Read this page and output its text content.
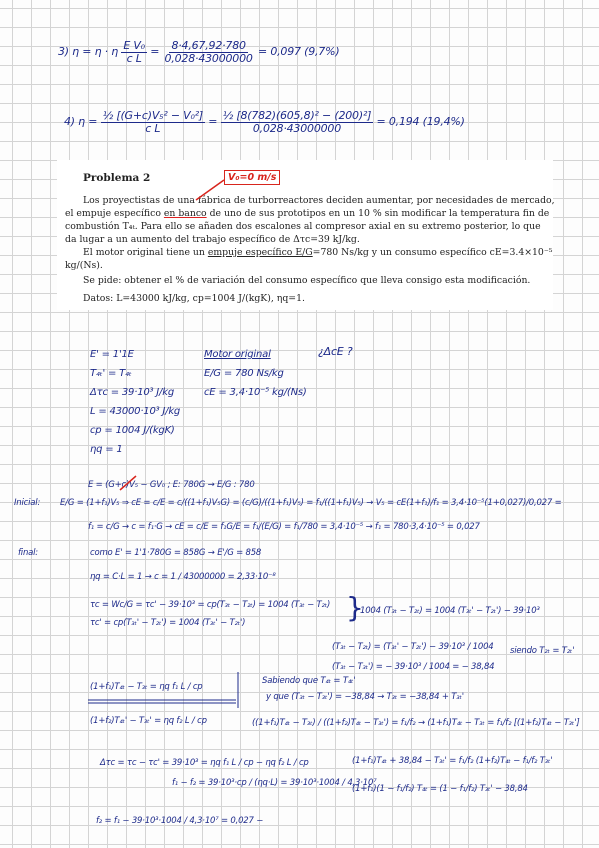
3) η = η · η $\frac{\text{E V₀}}{\text{c L}} = \frac{8\cdot 4,67,92\cdot 780}{0,028\cdot 43000000} = 0,097$ (9,7%)
4) $\eta = \frac{\text{½ [(G+c)V₅² − V₀²]}}{\text{c L}} = \frac{\text{½ [8(782)(605,8)² − (200)²]}}{0,028\cdot 43000000} = 0,194$ (19,4%)
Problema 2
Los proyectistas de una fábrica de turborreactores deciden aumentar, por necesidades de mercado,
el empuje específico en banco de uno de sus prototipos en un 10 % sin modificar la temperatura fin de
combustión T₄ₜ. Para ello se añaden dos escalones al compresor axial en su extremo posterior, lo que
da lugar a un aumento del trabajo específico de Δτc=39 kJ/kg.
El motor original tiene un empuje específico E/G=780 Ns/kg y un consumo específico cE=3.4×10⁻⁵
kg/(Ns).
Se pide: obtener el % de variación del consumo específico que lleva consigo esta modificación.
Datos: L=43000 kJ/kg, cp=1004 J/(kgK), ηq=1.
V₀=0 m/s
E' = 1'1E
T₄ₜ' = T₄ₜ
Δτc = 39·10³ J/kg
L = 43000·10³ J/kg
cp = 1004 J/(kgK)
ηq = 1
Motor original
E/G = 780 Ns/kg
cE = 3,4·10⁻⁵ kg/(Ns)
¿ΔcE ?
E = (G+c)V₅ − GV₀ ; E: 780G → E/G : 780
Inicial: E/G = (1+f₁)V₅ ⇒ cE = c/E = c/((1+f₁)V₅G) = (c/G)/((1+f₁)V₅) = f₁/((1+f₁)V₅) → V₅ = cE(1+f₁)/f₁ = 3,4·10⁻⁵(1+0,027)/0,027 =
f₁ = c/G → c = f₁·G → cE = c/E = f₁G/E = f₁/(E/G) = f₁/780 = 3,4·10⁻⁵ → f₁ = 780·3,4·10⁻⁵ = 0,027
final:	como E' = 1'1·780G = 858G → E'/G = 858
ηq = C·L = 1 → c = 1 / 43000000 = 2,33·10⁻⁸
τc = Wc/G = τc' − 39·10³ = cp(T₃ₜ − T₂ₜ) = 1004 (T₃ₜ − T₂ₜ)
τc' = cp(T₃ₜ' − T₂ₜ') = 1004 (T₃ₜ' − T₂ₜ')	}
1004 (T₃ₜ − T₂ₜ) = 1004 (T₃ₜ' − T₂ₜ') − 39·10³
(T₃ₜ − T₂ₜ) = (T₃ₜ' − T₂ₜ') − 39·10³ / 1004
(T₃ₜ − T₃ₜ') = − 39·10³ / 1004 = − 38,84
siendo T₂ₜ = T₂ₜ'
(1+f₁)T₄ₜ − T₃ₜ = ηq f₁ L / cp
Sabiendo que T₄ₜ = T₄ₜ'
y que (T₃ₜ − T₃ₜ') = −38,84 → T₃ₜ = −38,84 + T₃ₜ'
(1+f₂)T₄ₜ' − T₃ₜ' = ηq f₂ L / cp	((1+f₁)T₄ₜ − T₃ₜ) / ((1+f₂)T₄ₜ − T₃ₜ') = f₁/f₂ → (1+f₁)T₄ₜ − T₃ₜ = f₁/f₂ [(1+f₂)T₄ₜ − T₃ₜ']
Δτc = τc − τc' = 39·10³ = ηq f₁ L / cp − ηq f₂ L / cp
f₁ − f₂ = 39·10³·cp / (ηq·L) = 39·10³·1004 / 4,3·10⁷
(1+f₁)T₄ₜ + 38,84 − T₃ₜ' = f₁/f₂ (1+f₂)T₄ₜ − f₁/f₂ T₃ₜ'
(1+f₁)(1 − f₁/f₂) T₄ₜ = (1 − f₁/f₂) T₃ₜ' − 38,84
f₂ = f₁ − 39·10³·1004 / 4,3·10⁷ = 0,027 −
